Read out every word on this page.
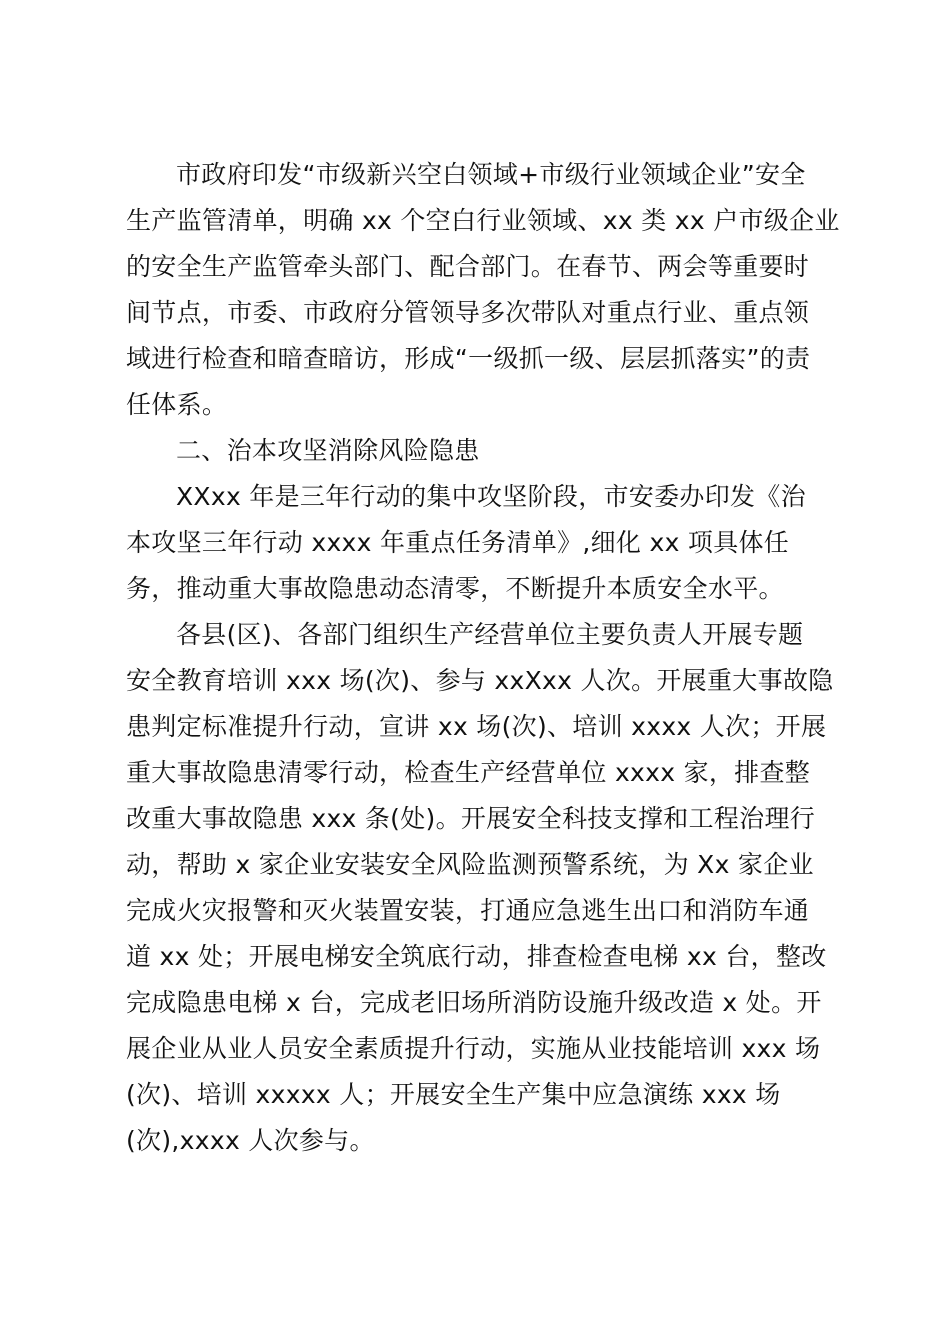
市政府印发“市级新兴空白领域+市级行业领域企业”安全
生产监管清单，明确 xx 个空白行业领域、xx 类 xx 户市级企业
的安全生产监管牵头部门、配合部门。在春节、两会等重要时
间节点，市委、市政府分管领导多次带队对重点行业、重点领
域进行检查和暗查暗访，形成“一级抓一级、层层抓落实”的责
任体系。
二、治本攻坚消除风险隐患
XXxx 年是三年行动的集中攻坚阶段，市安委办印发《治
本攻坚三年行动 xxxx 年重点任务清单》,细化 xx 项具体任
务，推动重大事故隐患动态清零，不断提升本质安全水平。
各县(区)、各部门组织生产经营单位主要负责人开展专题
安全教育培训 xxx 场(次)、参与 xxXxx 人次。开展重大事故隐
患判定标准提升行动，宣讲 xx 场(次)、培训 xxxx 人次；开展
重大事故隐患清零行动，检查生产经营单位 xxxx 家，排查整
改重大事故隐患 xxx 条(处)。开展安全科技支撑和工程治理行
动，帮助 x 家企业安装安全风险监测预警系统，为 Xx 家企业
完成火灾报警和灭火装置安装，打通应急逃生出口和消防车通
道 xx 处；开展电梯安全筑底行动，排查检查电梯 xx 台，整改
完成隐患电梯 x 台，完成老旧场所消防设施升级改造 x 处。开
展企业从业人员安全素质提升行动，实施从业技能培训 xxx 场
(次)、培训 xxxxx 人；开展安全生产集中应急演练 xxx 场
(次),xxxx 人次参与。
